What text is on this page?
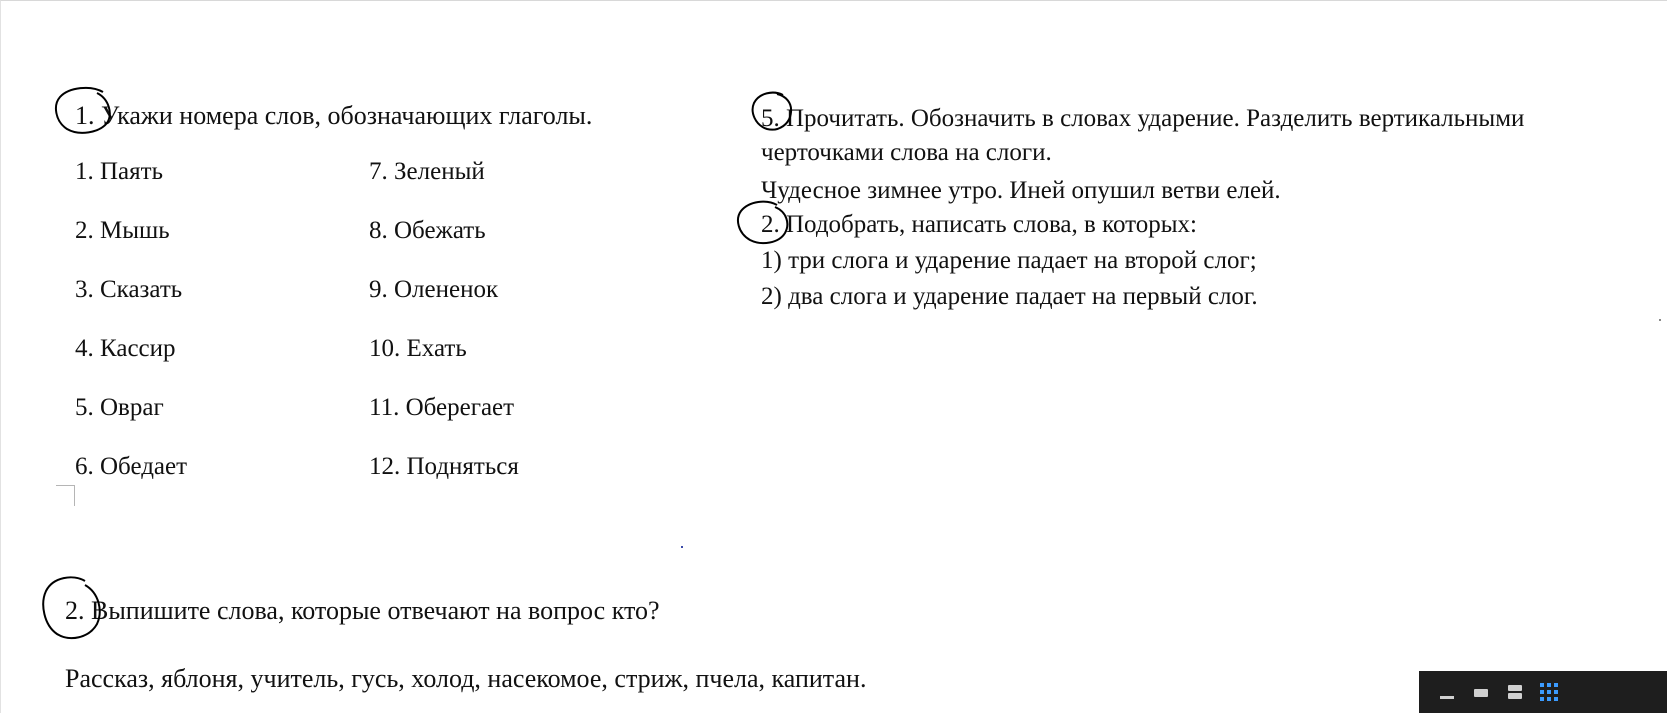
1. Укажи номера слов, обозначающих глаголы.
1. Паять
2. Мышь
3. Сказать
4. Кассир
5. Овраг
6. Обедает
7. Зеленый
8. Обежать
9. Олененок
10. Ехать
11. Оберегает
12. Подняться
5. Прочитать. Обозначить в словах ударение. Разделить вертикальными
черточками слова на слоги.
Чудесное зимнее утро. Иней опушил ветви елей.
2. Подобрать, написать слова, в которых:
1) три слога и ударение падает на второй слог;
2) два слога и ударение падает на первый слог.
2. Выпишите слова, которые отвечают на вопрос кто?
Рассказ, яблоня, учитель, гусь, холод, насекомое, стриж, пчела, капитан.
